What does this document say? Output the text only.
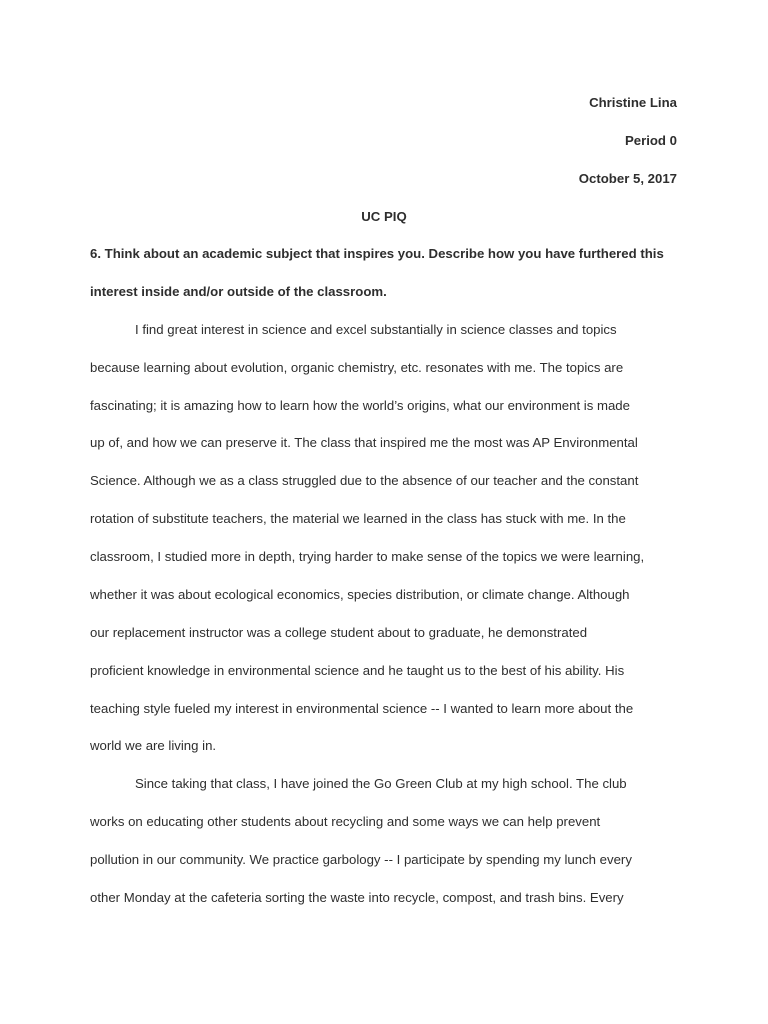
Christine Lina
Period 0
October 5, 2017
UC PIQ
6. Think about an academic subject that inspires you. Describe how you have furthered this
interest inside and/or outside of the classroom.
I find great interest in science and excel substantially in science classes and topics
because learning about evolution, organic chemistry, etc. resonates with me. The topics are
fascinating; it is amazing how to learn how the world’s origins, what our environment is made
up of, and how we can preserve it. The class that inspired me the most was AP Environmental
Science. Although we as a class struggled due to the absence of our teacher and the constant
rotation of substitute teachers, the material we learned in the class has stuck with me. In the
classroom, I studied more in depth, trying harder to make sense of the topics we were learning,
whether it was about ecological economics, species distribution, or climate change. Although
our replacement instructor was a college student about to graduate, he demonstrated
proficient knowledge in environmental science and he taught us to the best of his ability. His
teaching style fueled my interest in environmental science -- I wanted to learn more about the
world we are living in.
Since taking that class, I have joined the Go Green Club at my high school. The club
works on educating other students about recycling and some ways we can help prevent
pollution in our community. We practice garbology -- I participate by spending my lunch every
other Monday at the cafeteria sorting the waste into recycle, compost, and trash bins. Every
